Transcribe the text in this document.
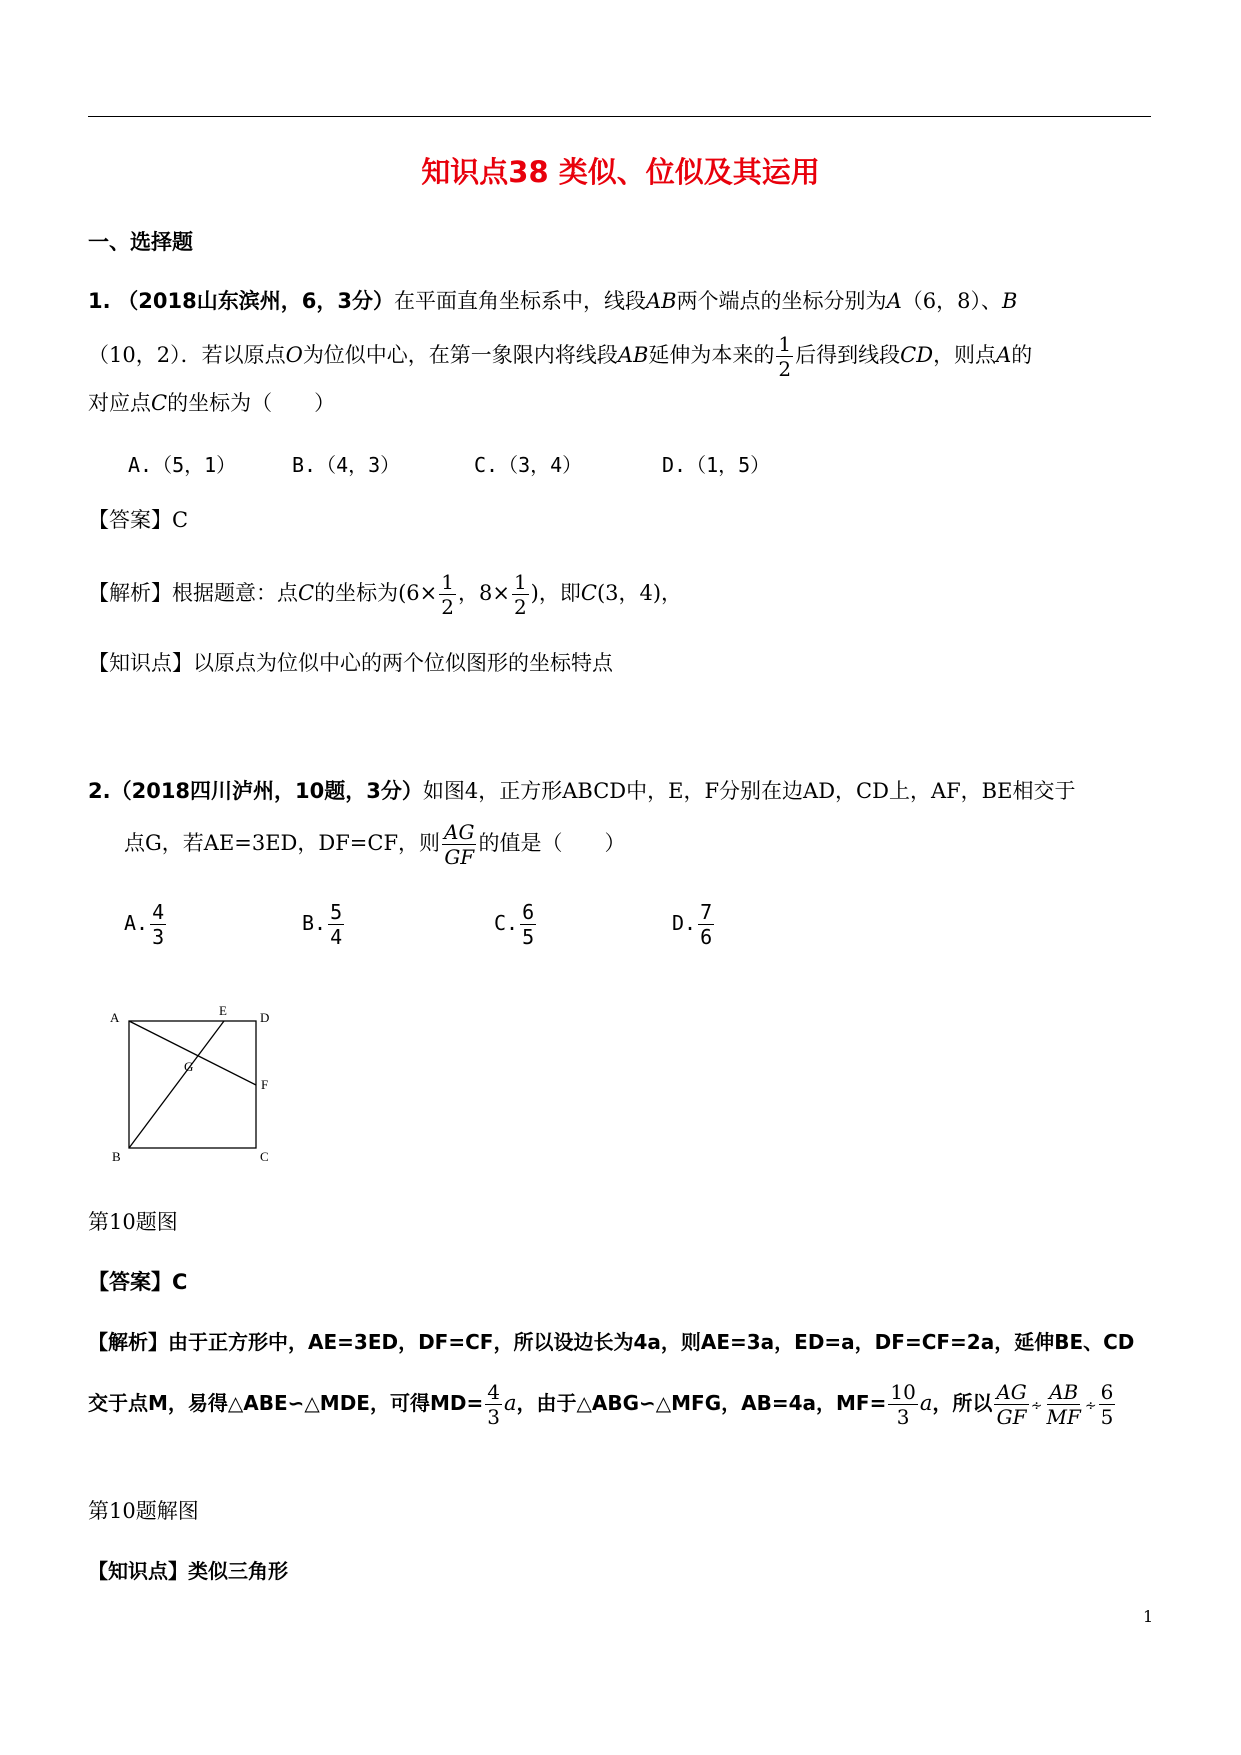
知识点38 类似、位似及其运用
一、选择题
1. （2018山东滨州，6，3分）在平面直角坐标系中，线段AB两个端点的坐标分别为A（6，8）、B
（10，2）．若以原点O为位似中心，在第一象限内将线段AB延伸为本来的 $\frac{1}{2}$ 后得到线段CD，则点A的
对应点C的坐标为（　　）
A.（5，1）	B.（4，3）	C.（3，4）	D.（1，5）
【答案】C
【解析】根据题意：点C的坐标为($6\times \frac{1}{2}$ ，$8\times \frac{1}{2}$ )，即C(3，4)，
【知识点】以原点为位似中心的两个位似图形的坐标特点
2.（2018四川泸州，10题，3分）如图4，正方形ABCD中，E，F分别在边AD，CD上，AF，BE相交于
点G，若AE=3ED，DF=CF，则 $\frac{AG}{GF}$ 的值是（　　）
A. $\frac{4}{3}$	B. $\frac{5}{4}$	C. $\frac{6}{5}$	D. $\frac{7}{6}$
A	E	D
G
F
B	C
第10题图
【答案】C
【解析】由于正方形中，AE=3ED，DF=CF，所以设边长为4a，则AE=3a，ED=a，DF=CF=2a，延伸BE、CD
交于点M，易得△ABE∽△MDE，可得$MD= \frac{4}{3}$ a，由于△ABG∽△MFG，AB=4a，$MF= \frac{10}{3}$ a，所以 $\frac{AG}{GF}$ ∻ $\frac{AB}{MF}$ ∻ $\frac{6}{5}$
第10题解图
【知识点】类似三角形
1
